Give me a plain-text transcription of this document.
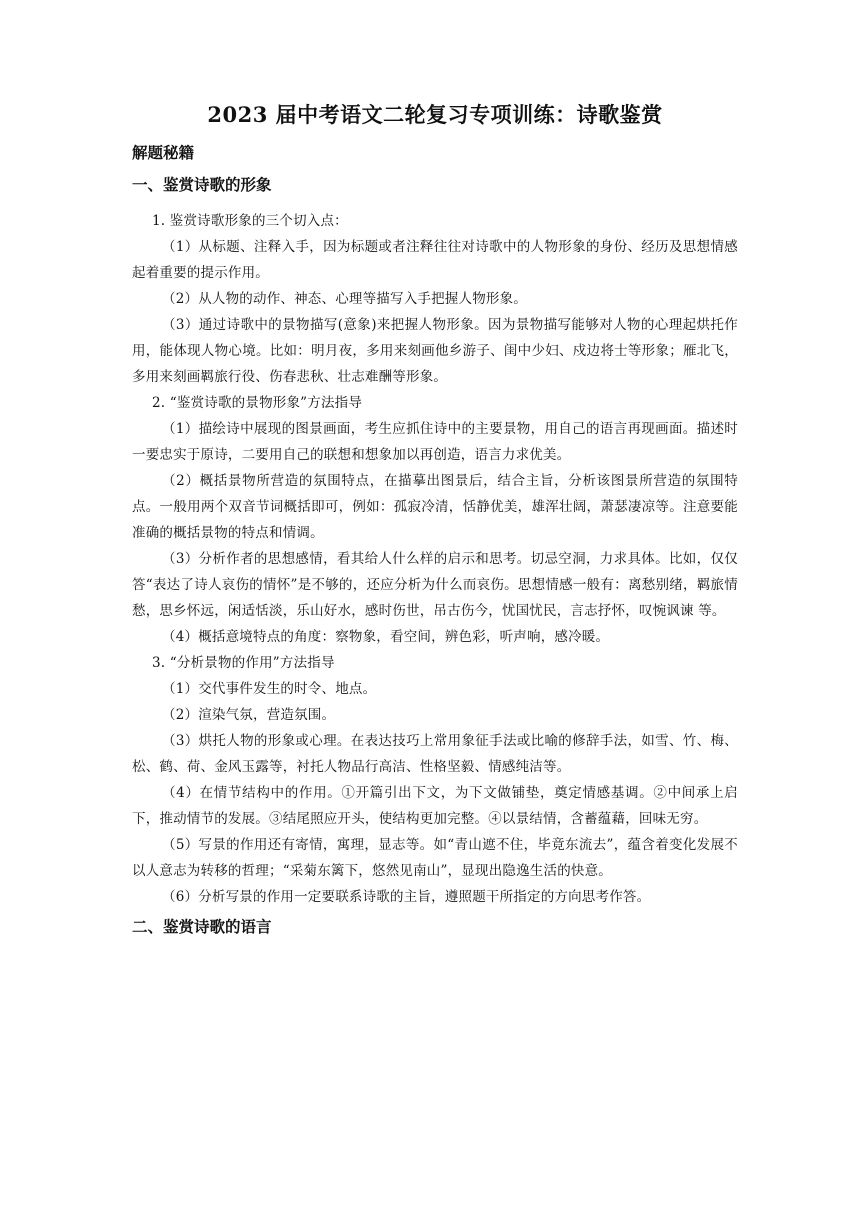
2023 届中考语文二轮复习专项训练：诗歌鉴赏
解题秘籍
一、鉴赏诗歌的形象
1. 鉴赏诗歌形象的三个切入点：

（1）从标题、注释入手，因为标题或者注释往往对诗歌中的人物形象的身份、经历及思想情感起着重要的提示作用。

（2）从人物的动作、神态、心理等描写入手把握人物形象。

（3）通过诗歌中的景物描写(意象)来把握人物形象。因为景物描写能够对人物的心理起烘托作用，能体现人物心境。比如：明月夜，多用来刻画他乡游子、闺中少妇、戍边将士等形象；雁北飞，多用来刻画羁旅行役、伤春悲秋、壮志难酬等形象。

2. “鉴赏诗歌的景物形象”方法指导

（1）描绘诗中展现的图景画面，考生应抓住诗中的主要景物，用自己的语言再现画面。描述时一要忠实于原诗，二要用自己的联想和想象加以再创造，语言力求优美。

（2）概括景物所营造的氛围特点，在描摹出图景后，结合主旨，分析该图景所营造的氛围特点。一般用两个双音节词概括即可，例如：孤寂冷清，恬静优美，雄浑壮阔，萧瑟凄凉等。注意要能准确的概括景物的特点和情调。

（3）分析作者的思想感情，看其给人什么样的启示和思考。切忌空洞，力求具体。比如，仅仅答“表达了诗人哀伤的情怀”是不够的，还应分析为什么而哀伤。思想情感一般有：离愁别绪，羁旅情愁，思乡怀远，闲适恬淡，乐山好水，感时伤世，吊古伤今，忧国忧民，言志抒怀，叹惋讽谏 等。

（4）概括意境特点的角度：察物象，看空间，辨色彩，听声响，感冷暖。

3. “分析景物的作用”方法指导

（1）交代事件发生的时令、地点。

（2）渲染气氛，营造氛围。

（3）烘托人物的形象或心理。在表达技巧上常用象征手法或比喻的修辞手法，如雪、竹、梅、松、鹤、荷、金风玉露等，衬托人物品行高洁、性格坚毅、情感纯洁等。

（4）在情节结构中的作用。①开篇引出下文，为下文做铺垫，奠定情感基调。②中间承上启下，推动情节的发展。③结尾照应开头，使结构更加完整。④以景结情，含蓄蕴藉，回味无穷。

（5）写景的作用还有寄情，寓理，显志等。如“青山遮不住，毕竟东流去”，蕴含着变化发展不以人意志为转移的哲理；“采菊东篱下，悠然见南山”，显现出隐逸生活的快意。

（6）分析写景的作用一定要联系诗歌的主旨，遵照题干所指定的方向思考作答。

二、鉴赏诗歌的语言
